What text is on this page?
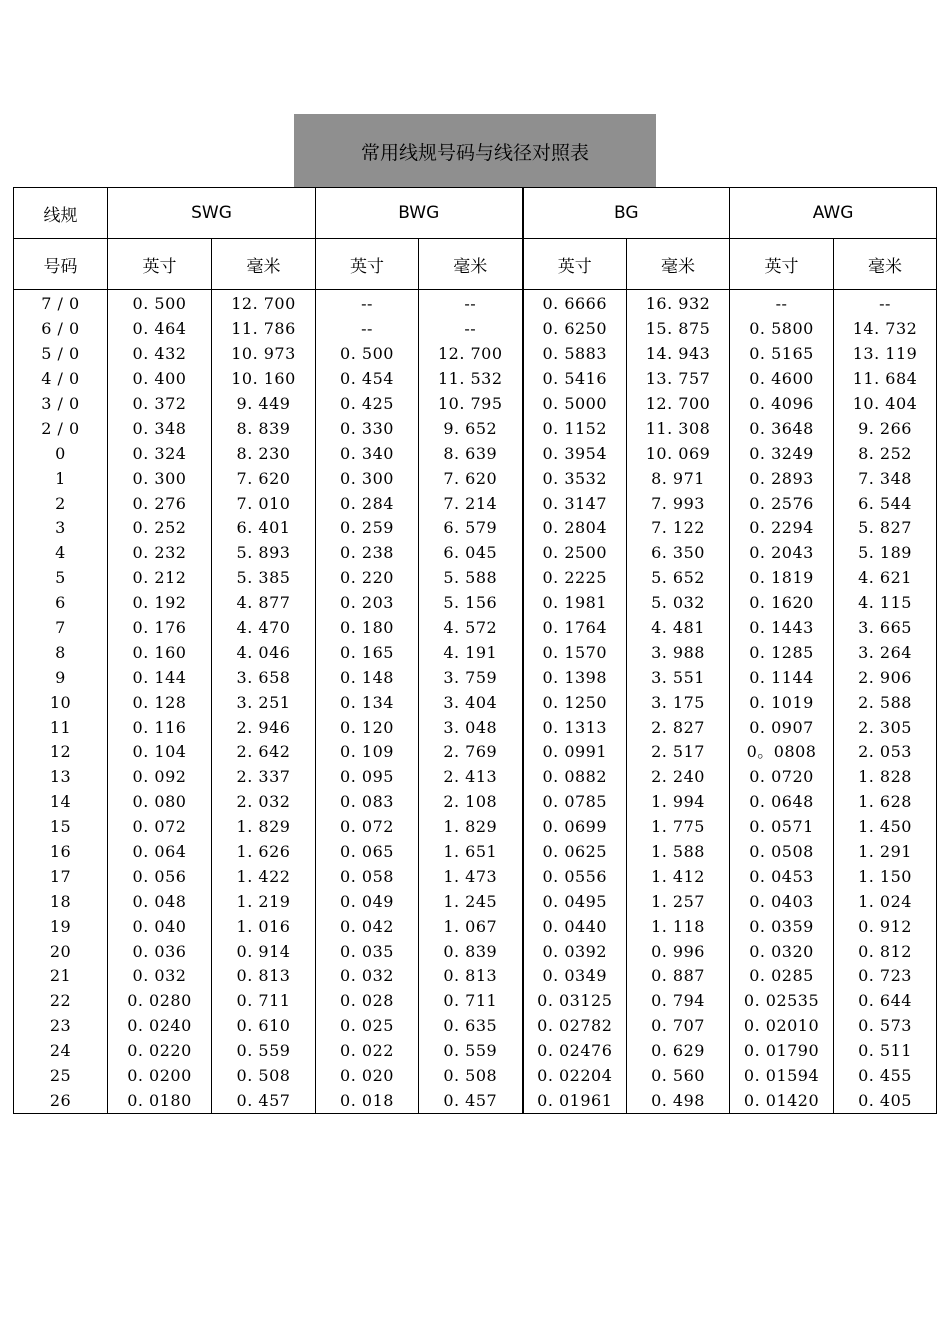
常用线规号码与线径对照表
线规	SWG		BWG		BG		AWG	
号码	英寸	毫米	英寸	毫米	英寸	毫米	英寸	毫米
7 / 0	0. 500	12. 700	--	--	0. 6666	16. 932	--	--
6 / 0	0. 464	11. 786	--	--	0. 6250	15. 875	0. 5800	14. 732
5 / 0	0. 432	10. 973	0. 500	12. 700	0. 5883	14. 943	0. 5165	13. 119
4 / 0	0. 400	10. 160	0. 454	11. 532	0. 5416	13. 757	0. 4600	11. 684
3 / 0	0. 372	9. 449	0. 425	10. 795	0. 5000	12. 700	0. 4096	10. 404
2 / 0	0. 348	8. 839	0. 330	9. 652	0. 1152	11. 308	0. 3648	9. 266
0	0. 324	8. 230	0. 340	8. 639	0. 3954	10. 069	0. 3249	8. 252
1	0. 300	7. 620	0. 300	7. 620	0. 3532	8. 971	0. 2893	7. 348
2	0. 276	7. 010	0. 284	7. 214	0. 3147	7. 993	0. 2576	6. 544
3	0. 252	6. 401	0. 259	6. 579	0. 2804	7. 122	0. 2294	5. 827
4	0. 232	5. 893	0. 238	6. 045	0. 2500	6. 350	0. 2043	5. 189
5	0. 212	5. 385	0. 220	5. 588	0. 2225	5. 652	0. 1819	4. 621
6	0. 192	4. 877	0. 203	5. 156	0. 1981	5. 032	0. 1620	4. 115
7	0. 176	4. 470	0. 180	4. 572	0. 1764	4. 481	0. 1443	3. 665
8	0. 160	4. 046	0. 165	4. 191	0. 1570	3. 988	0. 1285	3. 264
9	0. 144	3. 658	0. 148	3. 759	0. 1398	3. 551	0. 1144	2. 906
10	0. 128	3. 251	0. 134	3. 404	0. 1250	3. 175	0. 1019	2. 588
11	0. 116	2. 946	0. 120	3. 048	0. 1313	2. 827	0. 0907	2. 305
12	0. 104	2. 642	0. 109	2. 769	0. 0991	2. 517	0。0808	2. 053
13	0. 092	2. 337	0. 095	2. 413	0. 0882	2. 240	0. 0720	1. 828
14	0. 080	2. 032	0. 083	2. 108	0. 0785	1. 994	0. 0648	1. 628
15	0. 072	1. 829	0. 072	1. 829	0. 0699	1. 775	0. 0571	1. 450
16	0. 064	1. 626	0. 065	1. 651	0. 0625	1. 588	0. 0508	1. 291
17	0. 056	1. 422	0. 058	1. 473	0. 0556	1. 412	0. 0453	1. 150
18	0. 048	1. 219	0. 049	1. 245	0. 0495	1. 257	0. 0403	1. 024
19	0. 040	1. 016	0. 042	1. 067	0. 0440	1. 118	0. 0359	0. 912
20	0. 036	0. 914	0. 035	0. 839	0. 0392	0. 996	0. 0320	0. 812
21	0. 032	0. 813	0. 032	0. 813	0. 0349	0. 887	0. 0285	0. 723
22	0. 0280	0. 711	0. 028	0. 711	0. 03125	0. 794	0. 02535	0. 644
23	0. 0240	0. 610	0. 025	0. 635	0. 02782	0. 707	0. 02010	0. 573
24	0. 0220	0. 559	0. 022	0. 559	0. 02476	0. 629	0. 01790	0. 511
25	0. 0200	0. 508	0. 020	0. 508	0. 02204	0. 560	0. 01594	0. 455
26	0. 0180	0. 457	0. 018	0. 457	0. 01961	0. 498	0. 01420	0. 405
